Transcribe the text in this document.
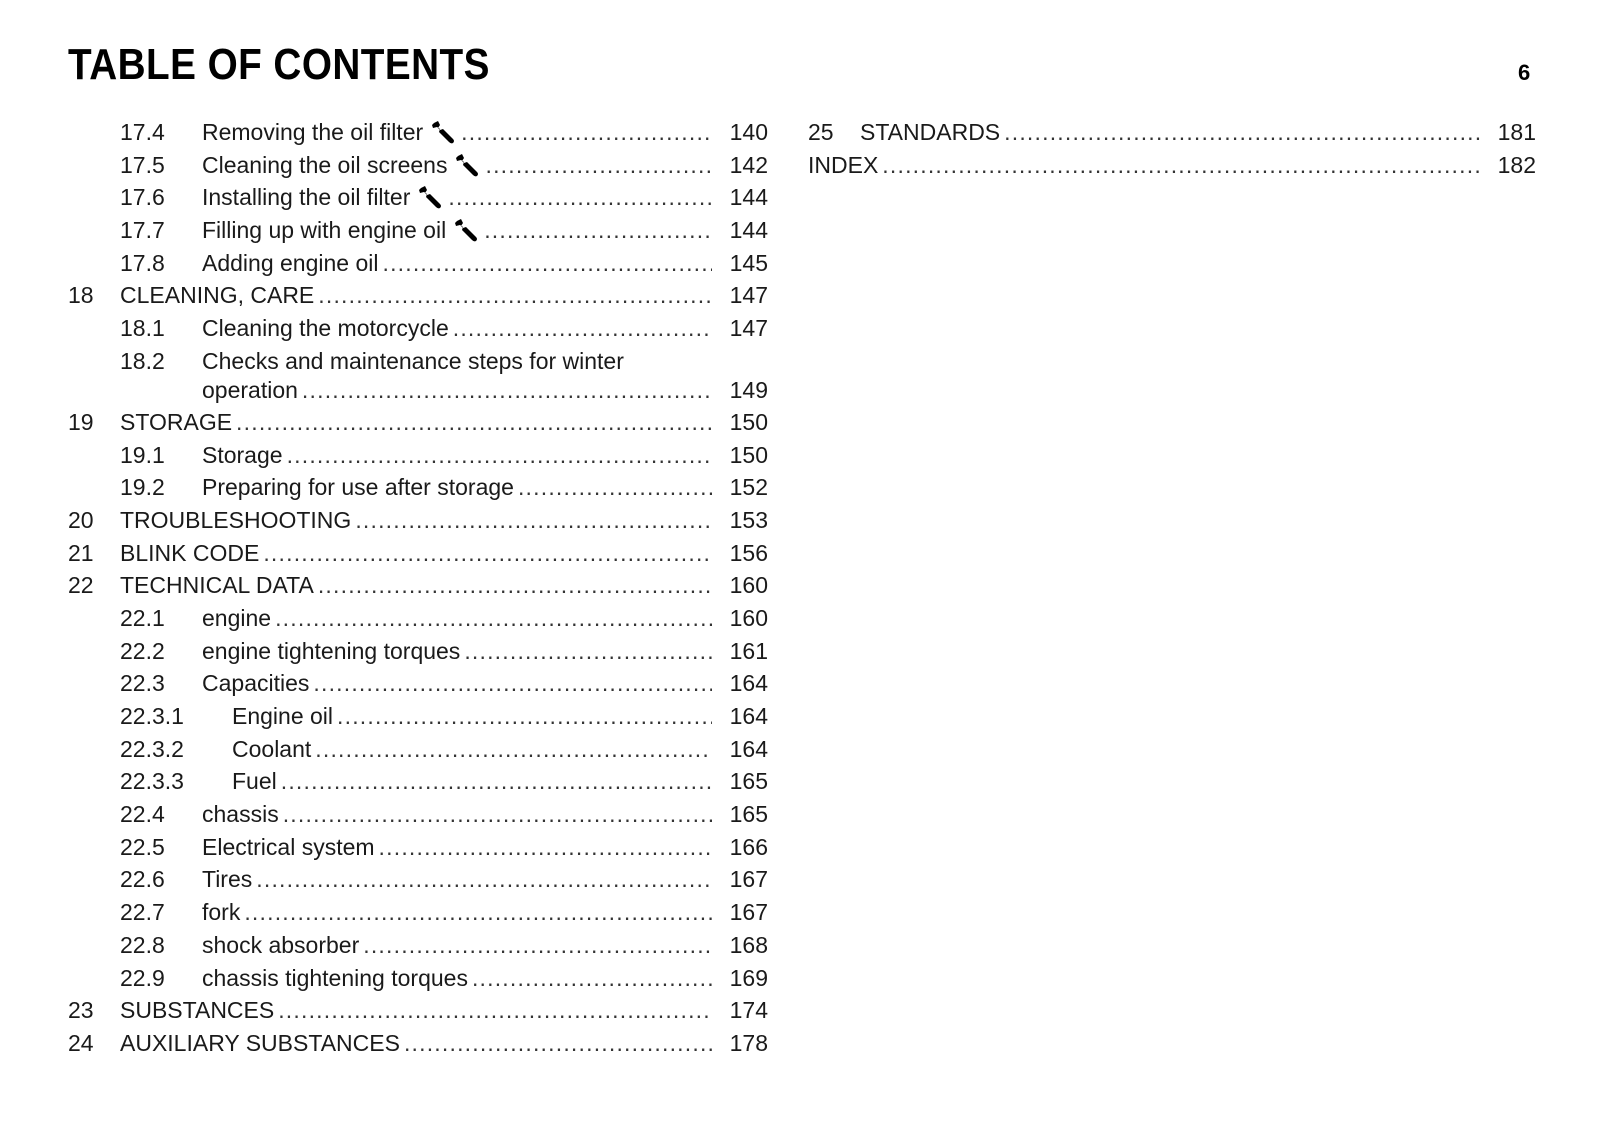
TABLE OF CONTENTS	6
17.4 Removing the oil filter .....	140
17.5 Cleaning the oil screens .....	142
17.6 Installing the oil filter .....	144
17.7 Filling up with engine oil .....	144
17.8 Adding engine oil .....	145
18 CLEANING, CARE .....	147
18.1 Cleaning the motorcycle .....	147
18.2 Checks and maintenance steps for winter
operation .....	149
19 STORAGE .....	150
19.1 Storage .....	150
19.2 Preparing for use after storage .....	152
20 TROUBLESHOOTING .....	153
21 BLINK CODE .....	156
22 TECHNICAL DATA .....	160
22.1 engine .....	160
22.2 engine tightening torques .....	161
22.3 Capacities .....	164
22.3.1 Engine oil .....	164
22.3.2 Coolant .....	164
22.3.3 Fuel .....	165
22.4 chassis .....	165
22.5 Electrical system .....	166
22.6 Tires .....	167
22.7 fork .....	167
22.8 shock absorber .....	168
22.9 chassis tightening torques .....	169
23 SUBSTANCES .....	174
24 AUXILIARY SUBSTANCES .....	178
25 STANDARDS .....	181
INDEX .....	182
